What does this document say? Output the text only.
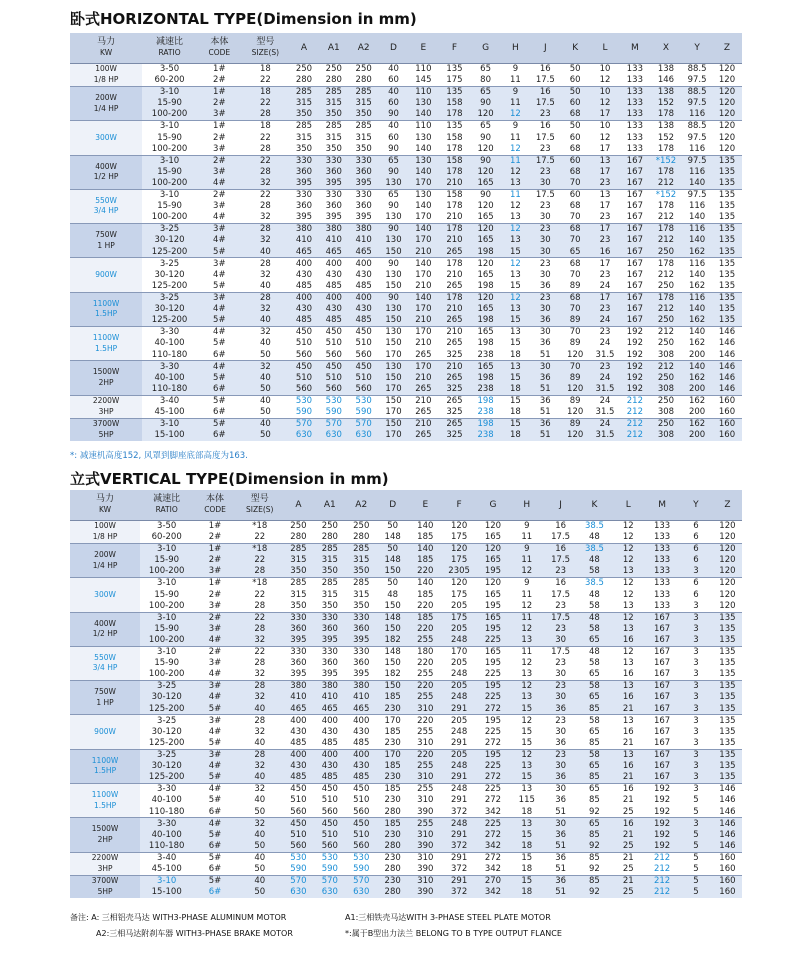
卧式HORIZONTAL TYPE(Dimension in mm)
马力
KW	减速比
RATIO	本体
CODE	型号
SIZE(S)	A	A1	A2	D	E	F	G	H	J	K	L	M	X	Y	Z

100W
1/8 HP	3-50	1#	18	250	250	250	40	110	135	65	9	16	50	10	133	138	88.5	120
	60-200	2#	22	280	280	280	60	145	175	80	11	17.5	60	12	133	146	97.5	120

200W
1/4 HP	3-10	1#	18	285	285	285	40	110	135	65	9	16	50	10	133	138	88.5	120
	15-90	2#	22	315	315	315	60	130	158	90	11	17.5	60	12	133	152	97.5	120
	100-200	3#	28	350	350	350	90	140	178	120	12	23	68	17	133	178	116	120

300W	3-10	1#	18	285	285	285	40	110	135	65	9	16	50	10	133	138	88.5	120
	15-90	2#	22	315	315	315	60	130	158	90	11	17.5	60	12	133	152	97.5	120
	100-200	3#	28	350	350	350	90	140	178	120	12	23	68	17	133	178	116	120

400W
1/2 HP	3-10	2#	22	330	330	330	65	130	158	90	11	17.5	60	13	167	*152	97.5	135
	15-90	3#	28	360	360	360	90	140	178	120	12	23	68	17	167	178	116	135
	100-200	4#	32	395	395	395	130	170	210	165	13	30	70	23	167	212	140	135

550W
3/4 HP	3-10	2#	22	330	330	330	65	130	158	90	11	17.5	60	13	167	*152	97.5	135
	15-90	3#	28	360	360	360	90	140	178	120	12	23	68	17	167	178	116	135
	100-200	4#	32	395	395	395	130	170	210	165	13	30	70	23	167	212	140	135

750W
1 HP	3-25	3#	28	380	380	380	90	140	178	120	12	23	68	17	167	178	116	135
	30-120	4#	32	410	410	410	130	170	210	165	13	30	70	23	167	212	140	135
	125-200	5#	40	465	465	465	150	210	265	198	15	30	65	16	167	250	162	135

900W	3-25	3#	28	400	400	400	90	140	178	120	12	23	68	17	167	178	116	135
	30-120	4#	32	430	430	430	130	170	210	165	13	30	70	23	167	212	140	135
	125-200	5#	40	485	485	485	150	210	265	198	15	36	89	24	167	250	162	135

1100W
1.5HP	3-25	3#	28	400	400	400	90	140	178	120	12	23	68	17	167	178	116	135
	30-120	4#	32	430	430	430	130	170	210	165	13	30	70	23	167	212	140	135
	125-200	5#	40	485	485	485	150	210	265	198	15	36	89	24	167	250	162	135

1100W
1.5HP	3-30	4#	32	450	450	450	130	170	210	165	13	30	70	23	192	212	140	146
	40-100	5#	40	510	510	510	150	210	265	198	15	36	89	24	192	250	162	146
	110-180	6#	50	560	560	560	170	265	325	238	18	51	120	31.5	192	308	200	146

1500W
2HP	3-30	4#	32	450	450	450	130	170	210	165	13	30	70	23	192	212	140	146
	40-100	5#	40	510	510	510	150	210	265	198	15	36	89	24	192	250	162	146
	110-180	6#	50	560	560	560	170	265	325	238	18	51	120	31.5	192	308	200	146

2200W
3HP	3-40	5#	40	530	530	530	150	210	265	198	15	36	89	24	212	250	162	160
	45-100	6#	50	590	590	590	170	265	325	238	18	51	120	31.5	212	308	200	160

3700W
5HP	3-10	5#	40	570	570	570	150	210	265	198	15	36	89	24	212	250	162	160
	15-100	6#	50	630	630	630	170	265	325	238	18	51	120	31.5	212	308	200	160
*: 减速机高度152, 风罩到脚座底部高度为163.
立式VERTICAL TYPE(Dimension in mm)
马力
KW	减速比
RATIO	本体
CODE	型号
SIZE(S)	A	A1	A2	D	E	F	G	H	J	K	L	M	Y	Z

100W
1/8 HP	3-50	1#	*18	250	250	250	50	140	120	120	9	16	38.5	12	133	6	120
	60-200	2#	22	280	280	280	148	185	175	165	11	17.5	48	12	133	6	120

200W
1/4 HP	3-10	1#	*18	285	285	285	50	140	120	120	9	16	38.5	12	133	6	120
	15-90	2#	22	315	315	315	148	185	175	165	11	17.5	48	12	133	6	120
	100-200	3#	28	350	350	350	150	220	2305	195	12	23	58	13	133	3	120

300W	3-10	1#	*18	285	285	285	50	140	120	120	9	16	38.5	12	133	6	120
	15-90	2#	22	315	315	315	48	185	175	165	11	17.5	48	12	133	6	120
	100-200	3#	28	350	350	350	150	220	205	195	12	23	58	13	133	3	120

400W
1/2 HP	3-10	2#	22	330	330	330	148	185	175	165	11	17.5	48	12	167	3	135
	15-90	3#	28	360	360	360	150	220	205	195	12	23	58	13	167	3	135
	100-200	4#	32	395	395	395	182	255	248	225	13	30	65	16	167	3	135

550W
3/4 HP	3-10	2#	22	330	330	330	148	180	170	165	11	17.5	48	12	167	3	135
	15-90	3#	28	360	360	360	150	220	205	195	12	23	58	13	167	3	135
	100-200	4#	32	395	395	395	182	255	248	225	13	30	65	16	167	3	135

750W
1 HP	3-25	3#	28	380	380	380	150	220	205	195	12	23	58	13	167	3	135
	30-120	4#	32	410	410	410	185	255	248	225	13	30	65	16	167	3	135
	125-200	5#	40	465	465	465	230	310	291	272	15	36	85	21	167	3	135

900W	3-25	3#	28	400	400	400	170	220	205	195	12	23	58	13	167	3	135
	30-120	4#	32	430	430	430	185	255	248	225	15	30	65	16	167	3	135
	125-200	5#	40	485	485	485	230	310	291	272	15	36	85	21	167	3	135

1100W
1.5HP	3-25	3#	28	400	400	400	170	220	205	195	12	23	58	13	167	3	135
	30-120	4#	32	430	430	430	185	255	248	225	13	30	65	16	167	3	135
	125-200	5#	40	485	485	485	230	310	291	272	15	36	85	21	167	3	135

1100W
1.5HP	3-30	4#	32	450	450	450	185	255	248	225	13	30	65	16	192	3	146
	40-100	5#	40	510	510	510	230	310	291	272	115	36	85	21	192	5	146
	110-180	6#	50	560	560	560	280	390	372	342	18	51	92	25	192	5	146

1500W
2HP	3-30	4#	32	450	450	450	185	255	248	225	13	30	65	16	192	3	146
	40-100	5#	40	510	510	510	230	310	291	272	15	36	85	21	192	5	146
	110-180	6#	50	560	560	560	280	390	372	342	18	51	92	25	192	5	146

2200W
3HP	3-40	5#	40	530	530	530	230	310	291	272	15	36	85	21	212	5	160
	45-100	6#	50	590	590	590	280	390	372	342	18	51	92	25	212	5	160

3700W
5HP	3-10	5#	40	570	570	570	230	310	291	270	15	36	85	21	212	5	160
	15-100	6#	50	630	630	630	280	390	372	342	18	51	92	25	212	5	160
备注: A: 三相铝壳马达 WITH3-PHASE ALUMINUM MOTOR	A1:三相铁壳马达WITH 3-PHASE STEEL PLATE MOTOR
A2:三相马达附刹车器 WITH3-PHASE BRAKE MOTOR	*:属于B型出力法兰 BELONG TO B TYPE OUTPUT FLANCE
